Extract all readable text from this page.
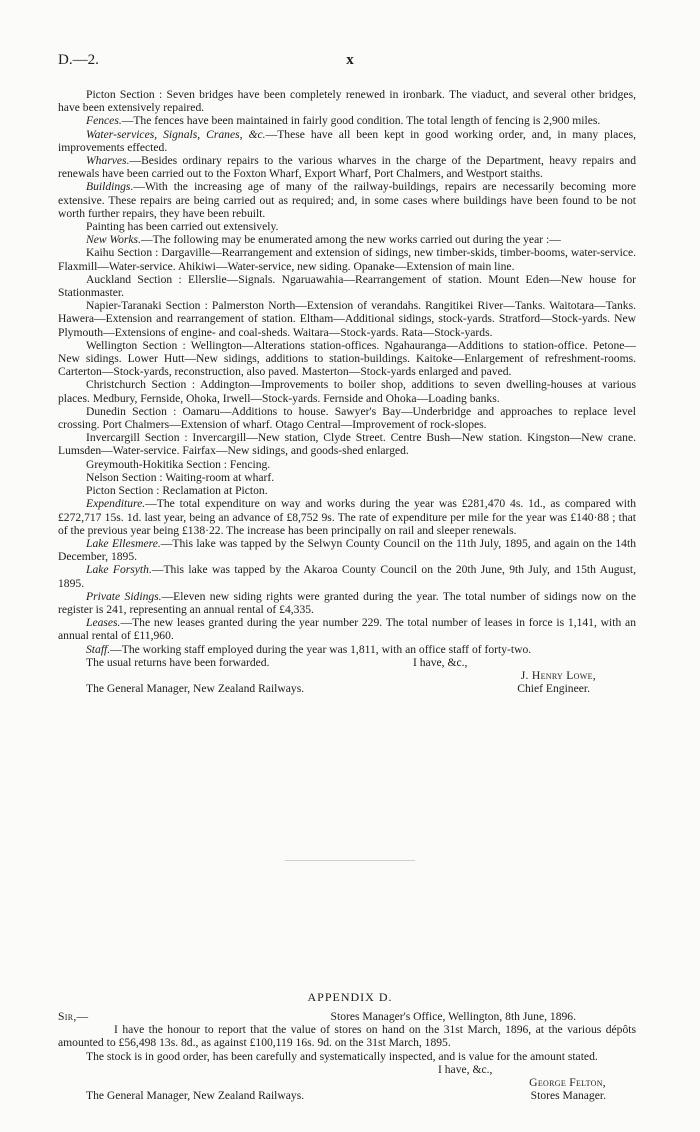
D.—2.	x

Picton Section : Seven bridges have been completely renewed in ironbark. The viaduct, and several other bridges, have been extensively repaired.

Fences.—The fences have been maintained in fairly good condition. The total length of fencing is 2,900 miles.

Water-services, Signals, Cranes, &c.—These have all been kept in good working order, and, in many places, improvements effected.

Wharves.—Besides ordinary repairs to the various wharves in the charge of the Department, heavy repairs and renewals have been carried out to the Foxton Wharf, Export Wharf, Port Chalmers, and Westport staiths.

Buildings.—With the increasing age of many of the railway-buildings, repairs are necessarily becoming more extensive. These repairs are being carried out as required; and, in some cases where buildings have been found to be not worth further repairs, they have been rebuilt.

Painting has been carried out extensively.

New Works.—The following may be enumerated among the new works carried out during the year :—

Kaihu Section : Dargaville—Rearrangement and extension of sidings, new timber-skids, timber-booms, water-service. Flaxmill—Water-service. Ahikiwi—Water-service, new siding. Opanake—Extension of main line.

Auckland Section : Ellerslie—Signals. Ngaruawahia—Rearrangement of station. Mount Eden—New house for Stationmaster.

Napier-Taranaki Section : Palmerston North—Extension of verandahs. Rangitikei River—Tanks. Waitotara—Tanks. Hawera—Extension and rearrangement of station. Eltham—Additional sidings, stock-yards. Stratford—Stock-yards. New Plymouth—Extensions of engine- and coal-sheds. Waitara—Stock-yards. Rata—Stock-yards.

Wellington Section : Wellington—Alterations station-offices. Ngahauranga—Additions to station-office. Petone—New sidings. Lower Hutt—New sidings, additions to station-buildings. Kaitoke—Enlargement of refreshment-rooms. Carterton—Stock-yards, reconstruction, also paved. Masterton—Stock-yards enlarged and paved.

Christchurch Section : Addington—Improvements to boiler shop, additions to seven dwelling-houses at various places. Medbury, Fernside, Ohoka, Irwell—Stock-yards. Fernside and Ohoka—Loading banks.

Dunedin Section : Oamaru—Additions to house. Sawyer's Bay—Underbridge and approaches to replace level crossing. Port Chalmers—Extension of wharf. Otago Central—Improvement of rock-slopes.

Invercargill Section : Invercargill—New station, Clyde Street. Centre Bush—New station. Kingston—New crane. Lumsden—Water-service. Fairfax—New sidings, and goods-shed enlarged.

Greymouth-Hokitika Section : Fencing.

Nelson Section : Waiting-room at wharf.

Picton Section : Reclamation at Picton.

Expenditure.—The total expenditure on way and works during the year was £281,470 4s. 1d., as compared with £272,717 15s. 1d. last year, being an advance of £8,752 9s. The rate of expenditure per mile for the year was £140·88 ; that of the previous year being £138·22. The increase has been principally on rail and sleeper renewals.

Lake Ellesmere.—This lake was tapped by the Selwyn County Council on the 11th July, 1895, and again on the 14th December, 1895.

Lake Forsyth.—This lake was tapped by the Akaroa County Council on the 20th June, 9th July, and 15th August, 1895.

Private Sidings.—Eleven new siding rights were granted during the year. The total number of sidings now on the register is 241, representing an annual rental of £4,335.

Leases.—The new leases granted during the year number 229. The total number of leases in force is 1,141, with an annual rental of £11,960.

Staff.—The working staff employed during the year was 1,811, with an office staff of forty-two.

The usual returns have been forwarded.	I have, &c.,
J. Henry Lowe,
The General Manager, New Zealand Railways.	Chief Engineer.
APPENDIX D.
Sir,—	Stores Manager's Office, Wellington, 8th June, 1896.

I have the honour to report that the value of stores on hand on the 31st March, 1896, at the various dépôts amounted to £56,498 13s. 8d., as against £100,119 16s. 9d. on the 31st March, 1895.

The stock is in good order, has been carefully and systematically inspected, and is value for the amount stated.

I have, &c.,
George Felton,
The General Manager, New Zealand Railways.	Stores Manager.
